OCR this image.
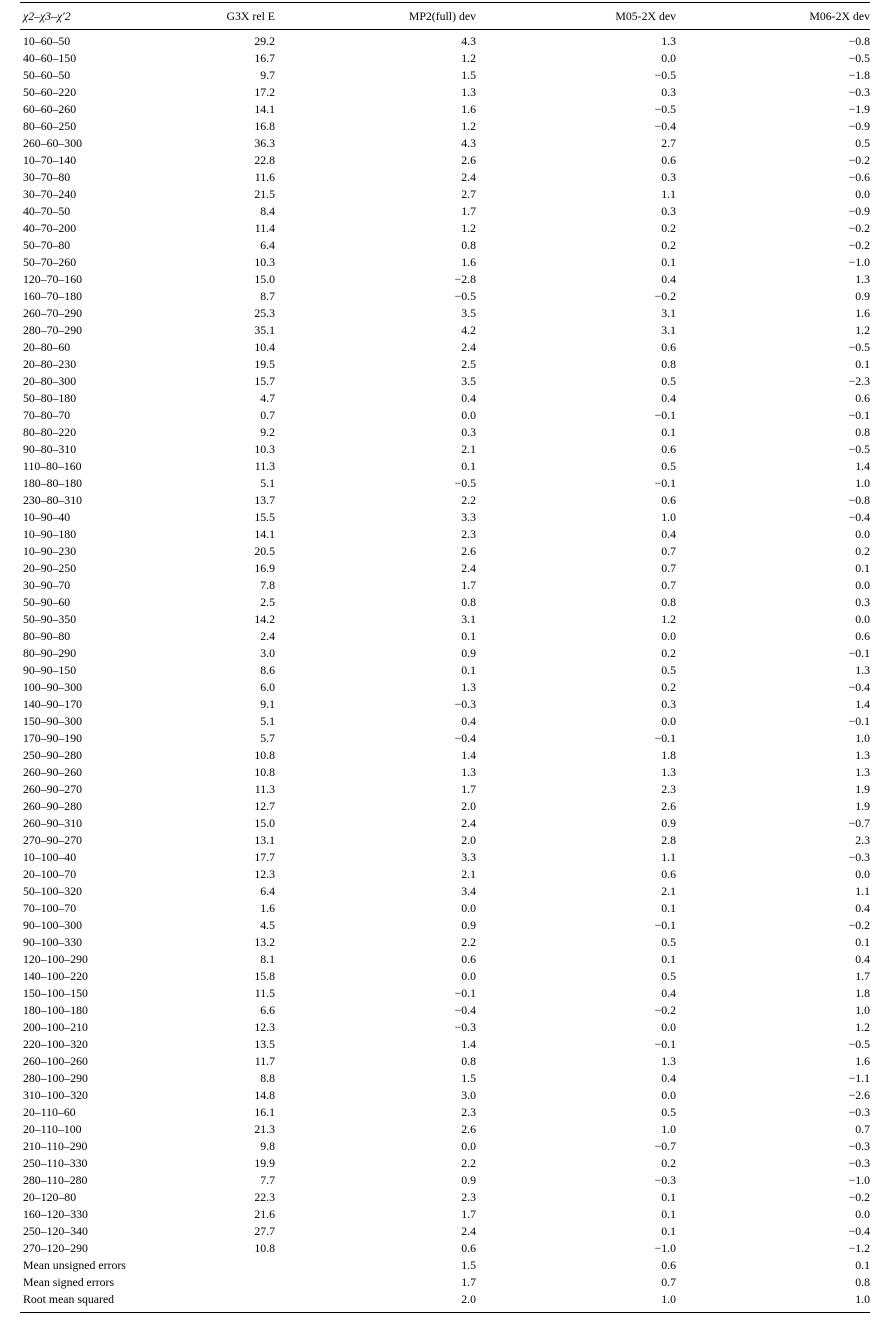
χ2–χ3–χ′2	G3X rel E	MP2(full) dev	M05-2X dev	M06-2X dev
10–60–50	29.2	4.3	1.3	−0.8
40–60–150	16.7	1.2	0.0	−0.5
50–60–50	9.7	1.5	−0.5	−1.8
50–60–220	17.2	1.3	0.3	−0.3
60–60–260	14.1	1.6	−0.5	−1.9
80–60–250	16.8	1.2	−0.4	−0.9
260–60–300	36.3	4.3	2.7	0.5
10–70–140	22.8	2.6	0.6	−0.2
30–70–80	11.6	2.4	0.3	−0.6
30–70–240	21.5	2.7	1.1	0.0
40–70–50	8.4	1.7	0.3	−0.9
40–70–200	11.4	1.2	0.2	−0.2
50–70–80	6.4	0.8	0.2	−0.2
50–70–260	10.3	1.6	0.1	−1.0
120–70–160	15.0	−2.8	0.4	1.3
160–70–180	8.7	−0.5	−0.2	0.9
260–70–290	25.3	3.5	3.1	1.6
280–70–290	35.1	4.2	3.1	1.2
20–80–60	10.4	2.4	0.6	−0.5
20–80–230	19.5	2.5	0.8	0.1
20–80–300	15.7	3.5	0.5	−2.3
50–80–180	4.7	0.4	0.4	0.6
70–80–70	0.7	0.0	−0.1	−0.1
80–80–220	9.2	0.3	0.1	0.8
90–80–310	10.3	2.1	0.6	−0.5
110–80–160	11.3	0.1	0.5	1.4
180–80–180	5.1	−0.5	−0.1	1.0
230–80–310	13.7	2.2	0.6	−0.8
10–90–40	15.5	3.3	1.0	−0.4
10–90–180	14.1	2.3	0.4	0.0
10–90–230	20.5	2.6	0.7	0.2
20–90–250	16.9	2.4	0.7	0.1
30–90–70	7.8	1.7	0.7	0.0
50–90–60	2.5	0.8	0.8	0.3
50–90–350	14.2	3.1	1.2	0.0
80–90–80	2.4	0.1	0.0	0.6
80–90–290	3.0	0.9	0.2	−0.1
90–90–150	8.6	0.1	0.5	1.3
100–90–300	6.0	1.3	0.2	−0.4
140–90–170	9.1	−0.3	0.3	1.4
150–90–300	5.1	0.4	0.0	−0.1
170–90–190	5.7	−0.4	−0.1	1.0
250–90–280	10.8	1.4	1.8	1.3
260–90–260	10.8	1.3	1.3	1.3
260–90–270	11.3	1.7	2.3	1.9
260–90–280	12.7	2.0	2.6	1.9
260–90–310	15.0	2.4	0.9	−0.7
270–90–270	13.1	2.0	2.8	2.3
10–100–40	17.7	3.3	1.1	−0.3
20–100–70	12.3	2.1	0.6	0.0
50–100–320	6.4	3.4	2.1	1.1
70–100–70	1.6	0.0	0.1	0.4
90–100–300	4.5	0.9	−0.1	−0.2
90–100–330	13.2	2.2	0.5	0.1
120–100–290	8.1	0.6	0.1	0.4
140–100–220	15.8	0.0	0.5	1.7
150–100–150	11.5	−0.1	0.4	1.8
180–100–180	6.6	−0.4	−0.2	1.0
200–100–210	12.3	−0.3	0.0	1.2
220–100–320	13.5	1.4	−0.1	−0.5
260–100–260	11.7	0.8	1.3	1.6
280–100–290	8.8	1.5	0.4	−1.1
310–100–320	14.8	3.0	0.0	−2.6
20–110–60	16.1	2.3	0.5	−0.3
20–110–100	21.3	2.6	1.0	0.7
210–110–290	9.8	0.0	−0.7	−0.3
250–110–330	19.9	2.2	0.2	−0.3
280–110–280	7.7	0.9	−0.3	−1.0
20–120–80	22.3	2.3	0.1	−0.2
160–120–330	21.6	1.7	0.1	0.0
250–120–340	27.7	2.4	0.1	−0.4
270–120–290	10.8	0.6	−1.0	−1.2
Mean unsigned errors		1.5	0.6	0.1
Mean signed errors		1.7	0.7	0.8
Root mean squared		2.0	1.0	1.0
